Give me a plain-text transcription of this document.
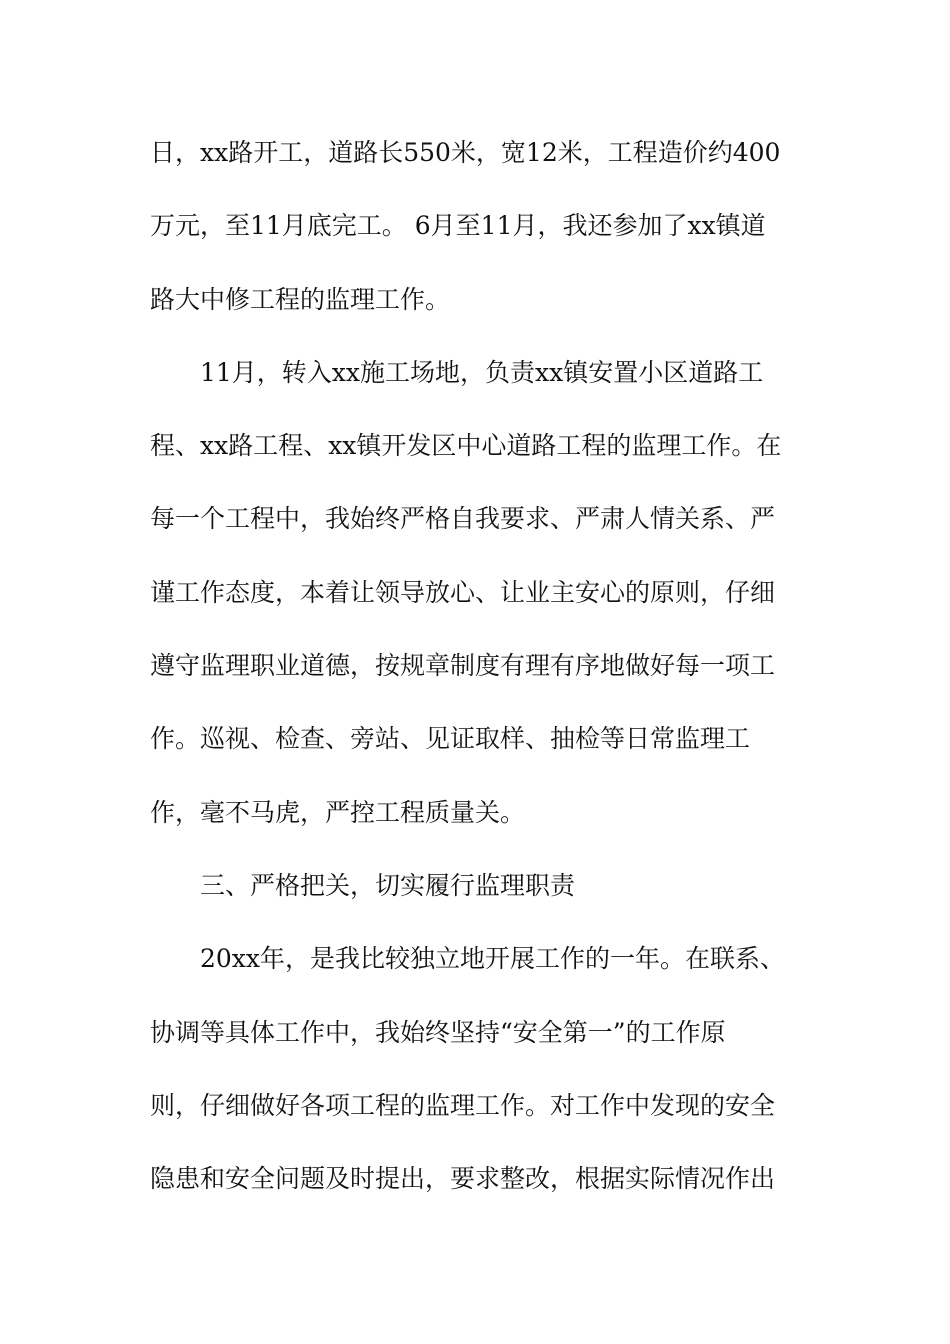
日，xx路开工，道路长550米，宽12米，工程造价约400
万元，至11月底完工。 6月至11月，我还参加了xx镇道
路大中修工程的监理工作。
11月，转入xx施工场地，负责xx镇安置小区道路工
程、xx路工程、xx镇开发区中心道路工程的监理工作。在
每一个工程中，我始终严格自我要求、严肃人情关系、严
谨工作态度，本着让领导放心、让业主安心的原则，仔细
遵守监理职业道德，按规章制度有理有序地做好每一项工
作。巡视、检查、旁站、见证取样、抽检等日常监理工
作，毫不马虎，严控工程质量关。
三、严格把关，切实履行监理职责
20xx年，是我比较独立地开展工作的一年。在联系、
协调等具体工作中，我始终坚持“安全第一”的工作原
则，仔细做好各项工程的监理工作。对工作中发现的安全
隐患和安全问题及时提出，要求整改，根据实际情况作出
